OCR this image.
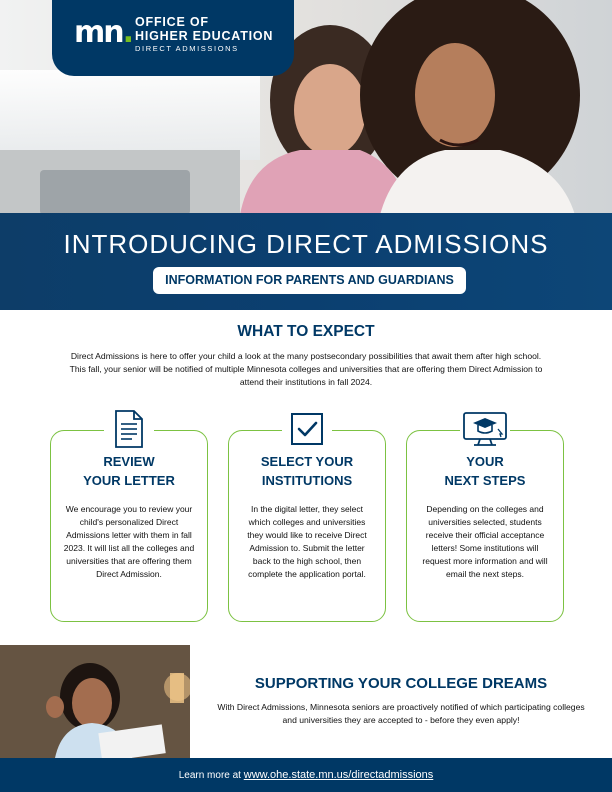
mn. OFFICE OF
HIGHER EDUCATION
DIRECT ADMISSIONS
INTRODUCING DIRECT ADMISSIONS
INFORMATION FOR PARENTS AND GUARDIANS
WHAT TO EXPECT
Direct Admissions is here to offer your child a look at the many postsecondary possibilities that await them after high school. This fall, your senior will be notified of multiple Minnesota colleges and universities that are offering them Direct Admission to attend their institutions in fall 2024.
REVIEW
YOUR LETTER
We encourage you to review your child's personalized Direct Admissions letter with them in fall 2023. It will list all the colleges and universities that are offering them Direct Admission.
SELECT YOUR
INSTITUTIONS
In the digital letter, they select which colleges and universities they would like to receive Direct Admission to. Submit the letter back to the high school, then complete the application portal.
YOUR
NEXT STEPS
Depending on the colleges and universities selected, students receive their official acceptance letters! Some institutions will request more information and will email the next steps.
SUPPORTING YOUR COLLEGE DREAMS
With Direct Admissions, Minnesota seniors are proactively notified of which participating colleges and universities they are accepted to - before they even apply!
Learn more at www.ohe.state.mn.us/directadmissions
